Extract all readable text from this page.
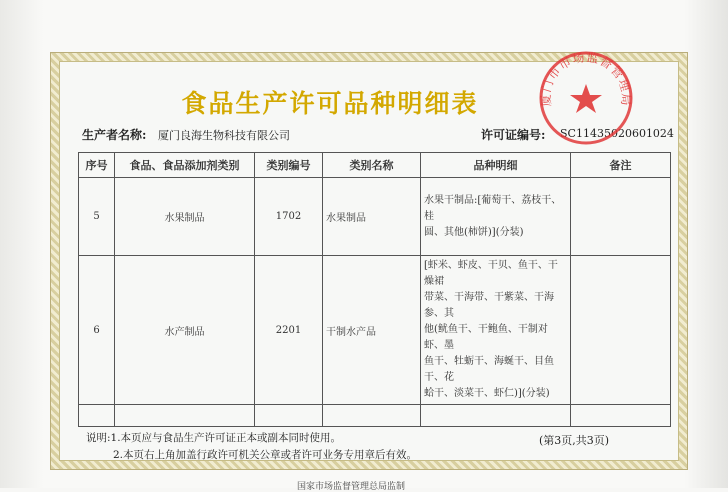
食品生产许可品种明细表
生产者名称: 厦门良海生物科技有限公司	许可证编号: SC11435020601024
序号	食品、食品添加剂类别	类别编号	类别名称	品种明细	备注
5	水果制品	1702	水果制品	水果干制品:[葡萄干、荔枝干、桂
圆、其他(柿饼)](分装)	

6	水产制品	2201	干制水产品	[虾米、虾皮、干贝、鱼干、干燥裙
带菜、干海带、干紫菜、干海参、其
他(鱿鱼干、干鲍鱼、干制对虾、墨
鱼干、牡蛎干、海蜒干、目鱼干、花
蛤干、淡菜干、虾仁)](分装)	

说明:1.本页应与食品生产许可证正本或副本同时使用。
2.本页右上角加盖行政许可机关公章或者许可业务专用章后有效。
(第3页,共3页)
国家市场监督管理总局监制
厦门市市场监督管理局
